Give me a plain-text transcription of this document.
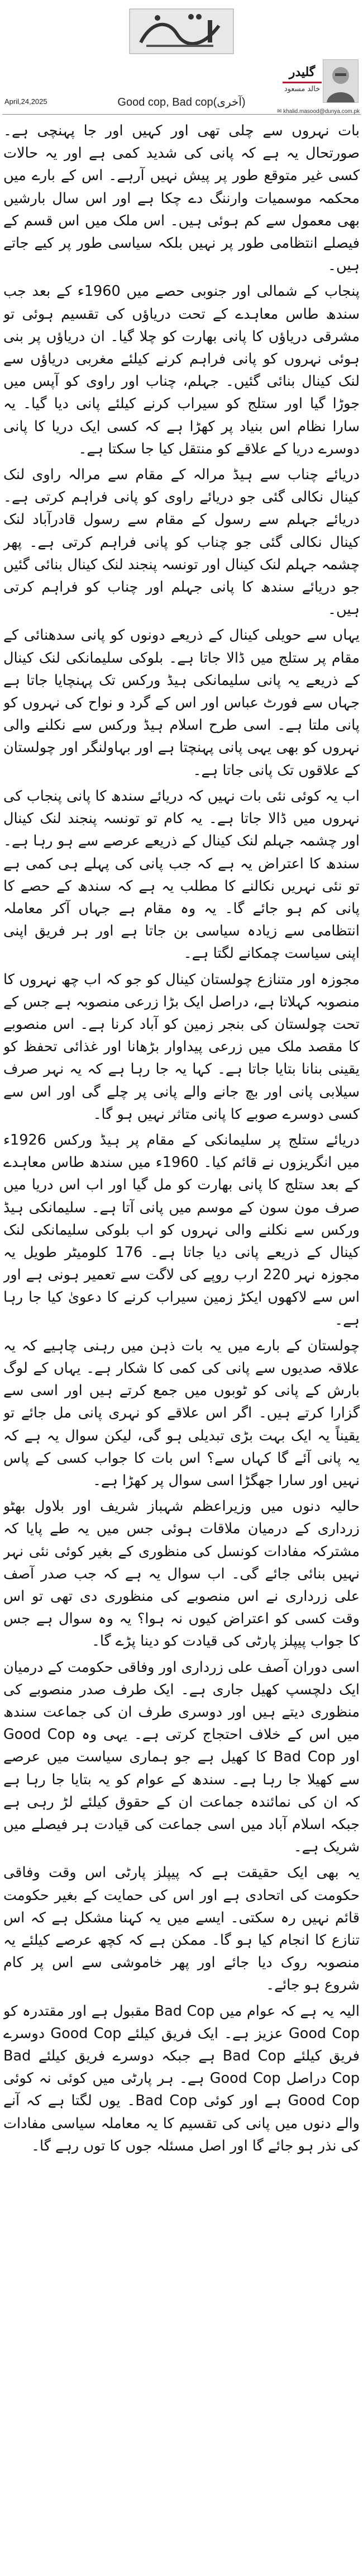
گلیدر
خالد مسعود
April,24,2025	(آخری)Good cop, Bad cop
✉ khalid.masood@dunya.com.pk

بات نہروں سے چلی تھی اور کہیں اور جا پہنچی ہے۔ صورتحال یہ ہے کہ پانی کی شدید کمی ہے اور یہ حالات کسی غیر متوقع طور پر پیش نہیں آرہے۔ اس کے بارے میں محکمہ موسمیات وارننگ دے چکا ہے اور اس سال بارشیں بھی معمول سے کم ہوئی ہیں۔ اس ملک میں اس قسم کے فیصلے انتظامی طور پر نہیں بلکہ سیاسی طور پر کیے جاتے ہیں۔

پنجاب کے شمالی اور جنوبی حصے میں 1960ء کے بعد جب سندھ طاس معاہدے کے تحت دریاؤں کی تقسیم ہوئی تو مشرقی دریاؤں کا پانی بھارت کو چلا گیا۔ ان دریاؤں پر بنی ہوئی نہروں کو پانی فراہم کرنے کیلئے مغربی دریاؤں سے لنک کینال بنائی گئیں۔ جہلم، چناب اور راوی کو آپس میں جوڑا گیا اور ستلج کو سیراب کرنے کیلئے پانی دیا گیا۔ یہ سارا نظام اس بنیاد پر کھڑا ہے کہ کسی ایک دریا کا پانی دوسرے دریا کے علاقے کو منتقل کیا جا سکتا ہے۔

دریائے چناب سے ہیڈ مرالہ کے مقام سے مرالہ راوی لنک کینال نکالی گئی جو دریائے راوی کو پانی فراہم کرتی ہے۔ دریائے جہلم سے رسول کے مقام سے رسول قادرآباد لنک کینال نکالی گئی جو چناب کو پانی فراہم کرتی ہے۔ پھر چشمہ جہلم لنک کینال اور تونسہ پنجند لنک کینال بنائی گئیں جو دریائے سندھ کا پانی جہلم اور چناب کو فراہم کرتی ہیں۔

یہاں سے حویلی کینال کے ذریعے دونوں کو پانی سدھنائی کے مقام پر ستلج میں ڈالا جاتا ہے۔ بلوکی سلیمانکی لنک کینال کے ذریعے یہ پانی سلیمانکی ہیڈ ورکس تک پہنچایا جاتا ہے جہاں سے فورٹ عباس اور اس کے گرد و نواح کی نہروں کو پانی ملتا ہے۔ اسی طرح اسلام ہیڈ ورکس سے نکلنے والی نہروں کو بھی یہی پانی پہنچتا ہے اور بہاولنگر اور چولستان کے علاقوں تک پانی جاتا ہے۔

اب یہ کوئی نئی بات نہیں کہ دریائے سندھ کا پانی پنجاب کی نہروں میں ڈالا جاتا ہے۔ یہ کام تو تونسہ پنجند لنک کینال اور چشمہ جہلم لنک کینال کے ذریعے عرصے سے ہو رہا ہے۔ سندھ کا اعتراض یہ ہے کہ جب پانی کی پہلے ہی کمی ہے تو نئی نہریں نکالنے کا مطلب یہ ہے کہ سندھ کے حصے کا پانی کم ہو جائے گا۔ یہ وہ مقام ہے جہاں آکر معاملہ انتظامی سے زیادہ سیاسی بن جاتا ہے اور ہر فریق اپنی اپنی سیاست چمکانے لگتا ہے۔

مجوزہ اور متنازع چولستان کینال کو جو کہ اب چھ نہروں کا منصوبہ کہلاتا ہے، دراصل ایک بڑا زرعی منصوبہ ہے جس کے تحت چولستان کی بنجر زمین کو آباد کرنا ہے۔ اس منصوبے کا مقصد ملک میں زرعی پیداوار بڑھانا اور غذائی تحفظ کو یقینی بنانا بتایا جاتا ہے۔ کہا یہ جا رہا ہے کہ یہ نہر صرف سیلابی پانی اور بچ جانے والے پانی پر چلے گی اور اس سے کسی دوسرے صوبے کا پانی متاثر نہیں ہو گا۔

دریائے ستلج پر سلیمانکی کے مقام پر ہیڈ ورکس 1926ء میں انگریزوں نے قائم کیا۔ 1960ء میں سندھ طاس معاہدے کے بعد ستلج کا پانی بھارت کو مل گیا اور اب اس دریا میں صرف مون سون کے موسم میں پانی آتا ہے۔ سلیمانکی ہیڈ ورکس سے نکلنے والی نہروں کو اب بلوکی سلیمانکی لنک کینال کے ذریعے پانی دیا جاتا ہے۔ 176 کلومیٹر طویل یہ مجوزہ نہر 220 ارب روپے کی لاگت سے تعمیر ہونی ہے اور اس سے لاکھوں ایکڑ زمین سیراب کرنے کا دعویٰ کیا جا رہا ہے۔

چولستان کے بارے میں یہ بات ذہن میں رہنی چاہیے کہ یہ علاقہ صدیوں سے پانی کی کمی کا شکار ہے۔ یہاں کے لوگ بارش کے پانی کو ٹوبوں میں جمع کرتے ہیں اور اسی سے گزارا کرتے ہیں۔ اگر اس علاقے کو نہری پانی مل جائے تو یقیناً یہ ایک بہت بڑی تبدیلی ہو گی، لیکن سوال یہ ہے کہ یہ پانی آئے گا کہاں سے؟ اس بات کا جواب کسی کے پاس نہیں اور سارا جھگڑا اسی سوال پر کھڑا ہے۔

حالیہ دنوں میں وزیراعظم شہباز شریف اور بلاول بھٹو زرداری کے درمیان ملاقات ہوئی جس میں یہ طے پایا کہ مشترکہ مفادات کونسل کی منظوری کے بغیر کوئی نئی نہر نہیں بنائی جائے گی۔ اب سوال یہ ہے کہ جب صدر آصف علی زرداری نے اس منصوبے کی منظوری دی تھی تو اس وقت کسی کو اعتراض کیوں نہ ہوا؟ یہ وہ سوال ہے جس کا جواب پیپلز پارٹی کی قیادت کو دینا پڑے گا۔

اسی دوران آصف علی زرداری اور وفاقی حکومت کے درمیان ایک دلچسپ کھیل جاری ہے۔ ایک طرف صدر منصوبے کی منظوری دیتے ہیں اور دوسری طرف ان کی جماعت سندھ میں اس کے خلاف احتجاج کرتی ہے۔ یہی وہ Good Cop اور Bad Cop کا کھیل ہے جو ہماری سیاست میں عرصے سے کھیلا جا رہا ہے۔ سندھ کے عوام کو یہ بتایا جا رہا ہے کہ ان کی نمائندہ جماعت ان کے حقوق کیلئے لڑ رہی ہے جبکہ اسلام آباد میں اسی جماعت کی قیادت ہر فیصلے میں شریک ہے۔

یہ بھی ایک حقیقت ہے کہ پیپلز پارٹی اس وقت وفاقی حکومت کی اتحادی ہے اور اس کی حمایت کے بغیر حکومت قائم نہیں رہ سکتی۔ ایسے میں یہ کہنا مشکل ہے کہ اس تنازع کا انجام کیا ہو گا۔ ممکن ہے کہ کچھ عرصے کیلئے یہ منصوبہ روک دیا جائے اور پھر خاموشی سے اس پر کام شروع ہو جائے۔

الیہ یہ ہے کہ عوام میں Bad Cop مقبول ہے اور مقتدرہ کو Good Cop عزیز ہے۔ ایک فریق کیلئے Good Cop دوسرے فریق کیلئے Bad Cop ہے جبکہ دوسرے فریق کیلئے Bad Cop دراصل Good Cop ہے۔ ہر پارٹی میں کوئی نہ کوئی Good Cop ہے اور کوئی Bad Cop۔ یوں لگتا ہے کہ آنے والے دنوں میں پانی کی تقسیم کا یہ معاملہ سیاسی مفادات کی نذر ہو جائے گا اور اصل مسئلہ جوں کا توں رہے گا۔
